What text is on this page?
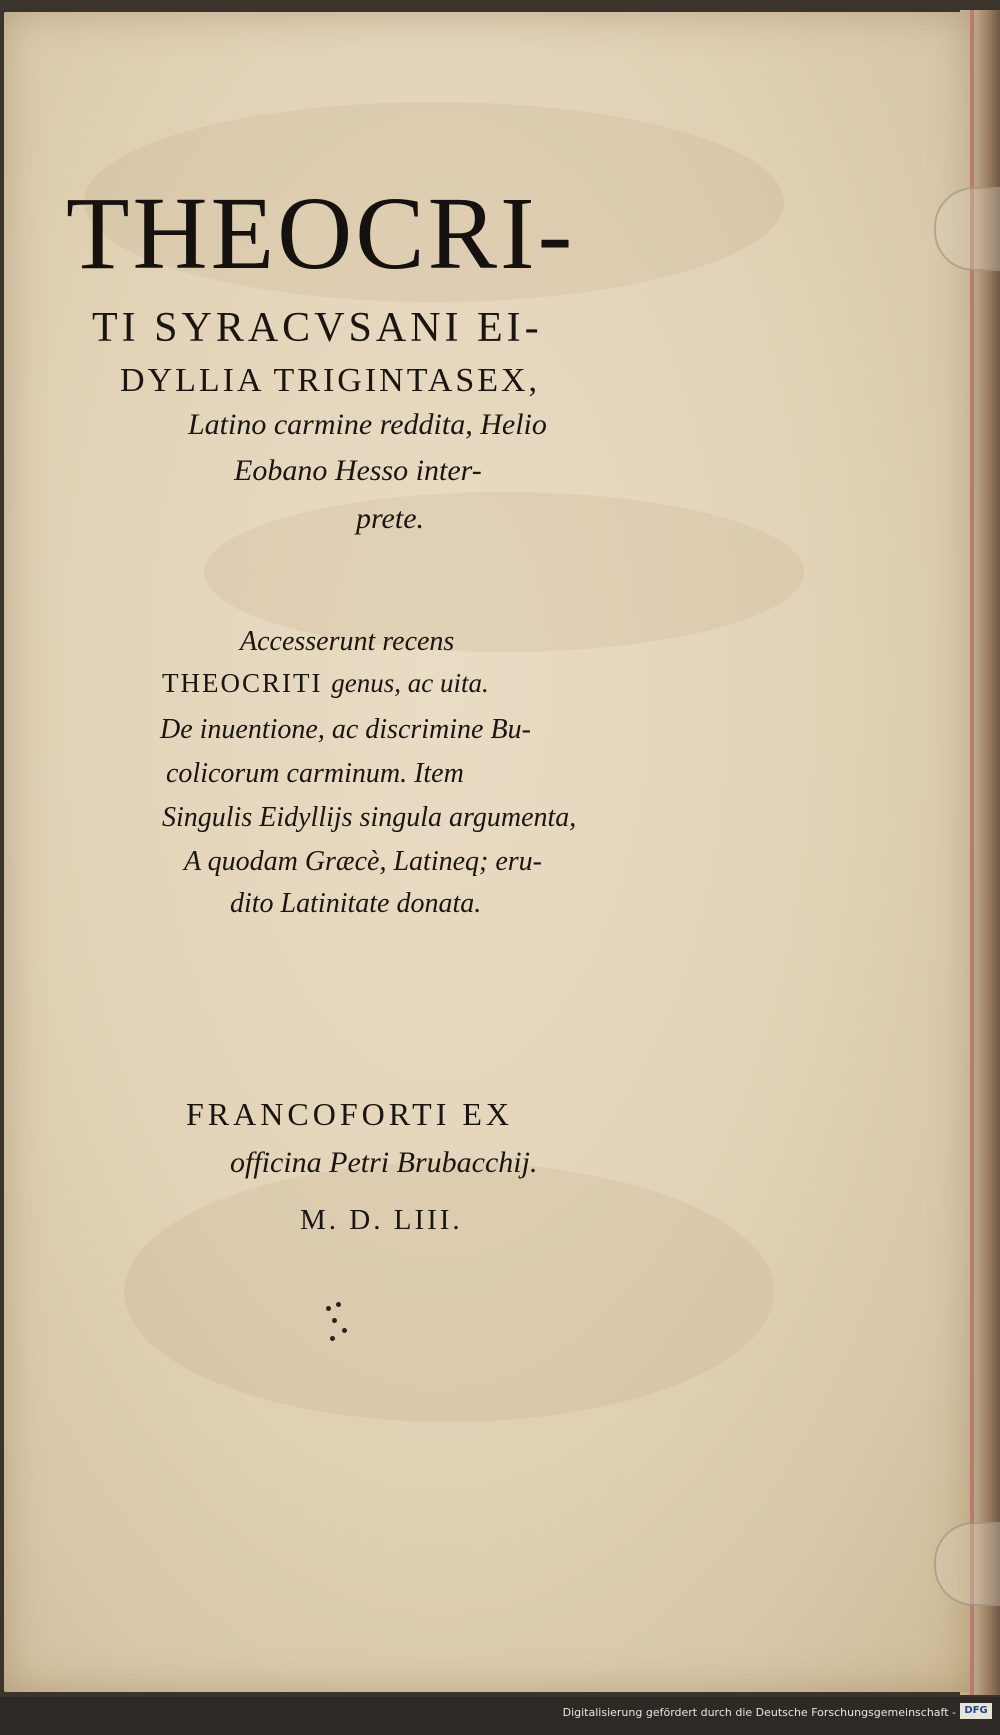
THEOCRI-
TI SYRACVSANI EI-
DYLLIA TRIGINTASEX,
Latino carmine reddita, Helio
Eobano Hesso inter-
prete.
Accesserunt recens
THEOCRITI genus, ac uita.
De inuentione, ac discrimine Bu-
colicorum carminum. Item
Singulis Eidyllijs singula argumenta,
A quodam Græcè, Latineq; eru-
dito Latinitate donata.
FRANCOFORTI EX
officina Petri Brubacchij.
M. D. LIII.
Digitalisierung gefördert durch die Deutsche Forschungsgemeinschaft - DFG
